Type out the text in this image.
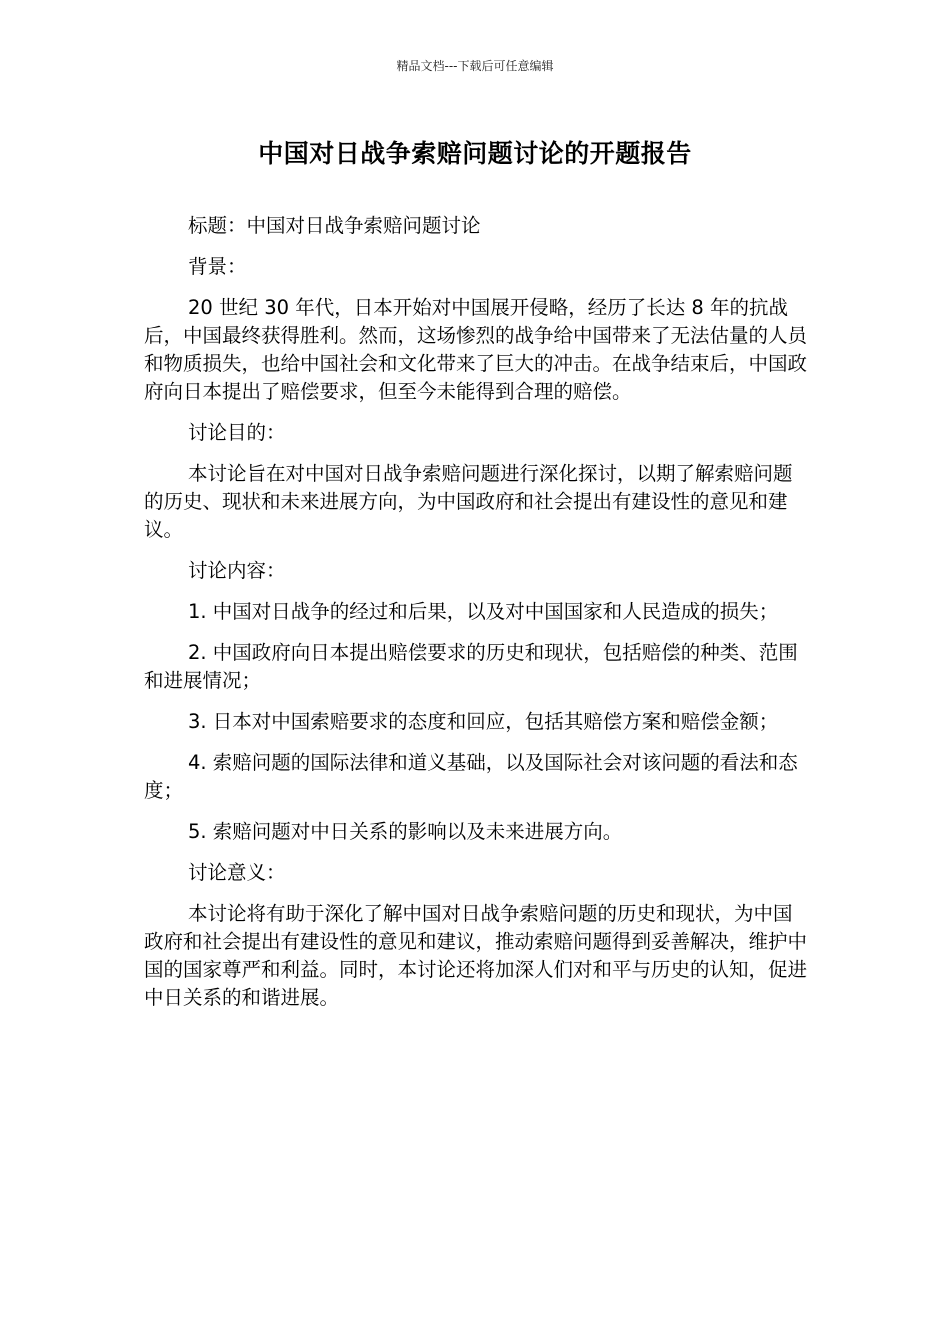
精品文档---下载后可任意编辑
中国对日战争索赔问题讨论的开题报告

标题：中国对日战争索赔问题讨论

背景：

20 世纪 30 年代，日本开始对中国展开侵略，经历了长达 8 年的抗战后，中国最终获得胜利。然而，这场惨烈的战争给中国带来了无法估量的人员和物质损失，也给中国社会和文化带来了巨大的冲击。在战争结束后，中国政府向日本提出了赔偿要求，但至今未能得到合理的赔偿。

讨论目的：

本讨论旨在对中国对日战争索赔问题进行深化探讨，以期了解索赔问题的历史、现状和未来进展方向，为中国政府和社会提出有建设性的意见和建议。

讨论内容：

1. 中国对日战争的经过和后果，以及对中国国家和人民造成的损失；

2. 中国政府向日本提出赔偿要求的历史和现状，包括赔偿的种类、范围和进展情况；

3. 日本对中国索赔要求的态度和回应，包括其赔偿方案和赔偿金额；

4. 索赔问题的国际法律和道义基础，以及国际社会对该问题的看法和态度；

5. 索赔问题对中日关系的影响以及未来进展方向。

讨论意义：

本讨论将有助于深化了解中国对日战争索赔问题的历史和现状，为中国政府和社会提出有建设性的意见和建议，推动索赔问题得到妥善解决，维护中国的国家尊严和利益。同时，本讨论还将加深人们对和平与历史的认知，促进中日关系的和谐进展。
